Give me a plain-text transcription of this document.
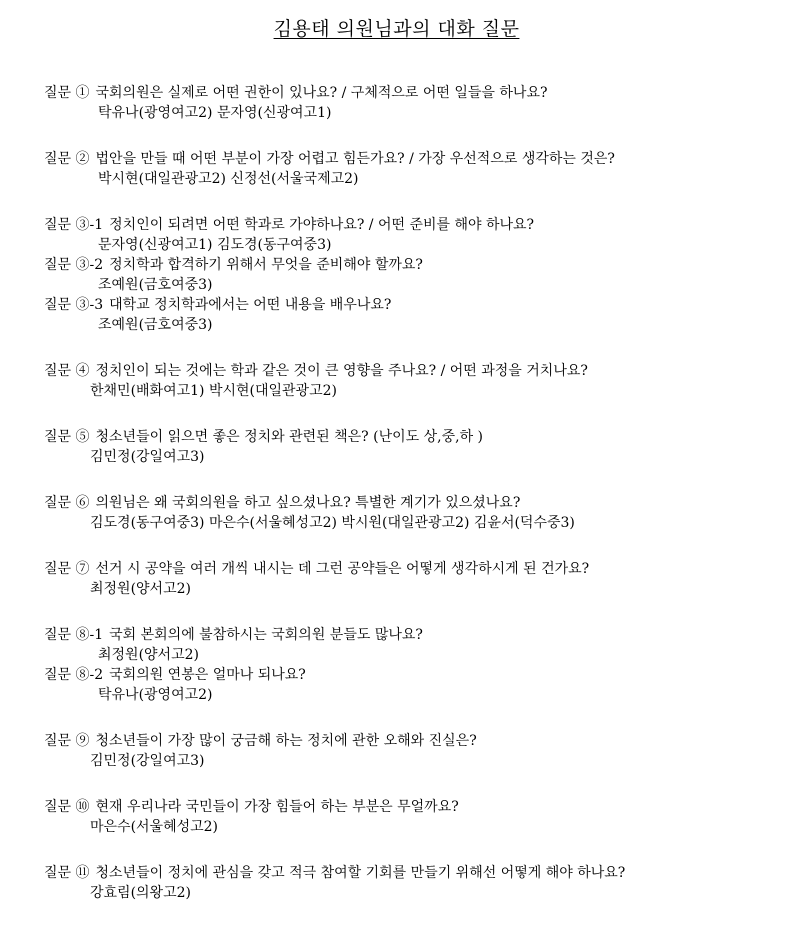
김용태 의원님과의 대화 질문
질문 ① 국회의원은 실제로 어떤 권한이 있나요? / 구체적으로 어떤 일들을 하나요?
탁유나(광영여고2) 문자영(신광여고1)
질문 ② 법안을 만들 때 어떤 부분이 가장 어렵고 힘든가요? / 가장 우선적으로 생각하는 것은?
박시현(대일관광고2) 신정선(서울국제고2)
질문 ③-1 정치인이 되려면 어떤 학과로 가야하나요? / 어떤 준비를 해야 하나요?
문자영(신광여고1) 김도경(동구여중3)
질문 ③-2 정치학과 합격하기 위해서 무엇을 준비해야 할까요?
조예원(금호여중3)
질문 ③-3 대학교 정치학과에서는 어떤 내용을 배우나요?
조예원(금호여중3)
질문 ④ 정치인이 되는 것에는 학과 같은 것이 큰 영향을 주나요? / 어떤 과정을 거치나요?
한채민(배화여고1) 박시현(대일관광고2)
질문 ⑤ 청소년들이 읽으면 좋은 정치와 관련된 책은? (난이도 상,중,하 )
김민정(강일여고3)
질문 ⑥ 의원님은 왜 국회의원을 하고 싶으셨나요? 특별한 계기가 있으셨나요?
김도경(동구여중3) 마은수(서울혜성고2) 박시원(대일관광고2) 김윤서(덕수중3)
질문 ⑦ 선거 시 공약을 여러 개씩 내시는 데 그런 공약들은 어떻게 생각하시게 된 건가요?
최정원(양서고2)
질문 ⑧-1 국회 본회의에 불참하시는 국회의원 분들도 많나요?
최정원(양서고2)
질문 ⑧-2 국회의원 연봉은 얼마나 되나요?
탁유나(광영여고2)
질문 ⑨ 청소년들이 가장 많이 궁금해 하는 정치에 관한 오해와 진실은?
김민정(강일여고3)
질문 ⑩ 현재 우리나라 국민들이 가장 힘들어 하는 부분은 무얼까요?
마은수(서울혜성고2)
질문 ⑪ 청소년들이 정치에 관심을 갖고 적극 참여할 기회를 만들기 위해선 어떻게 해야 하나요?
강효림(의왕고2)
